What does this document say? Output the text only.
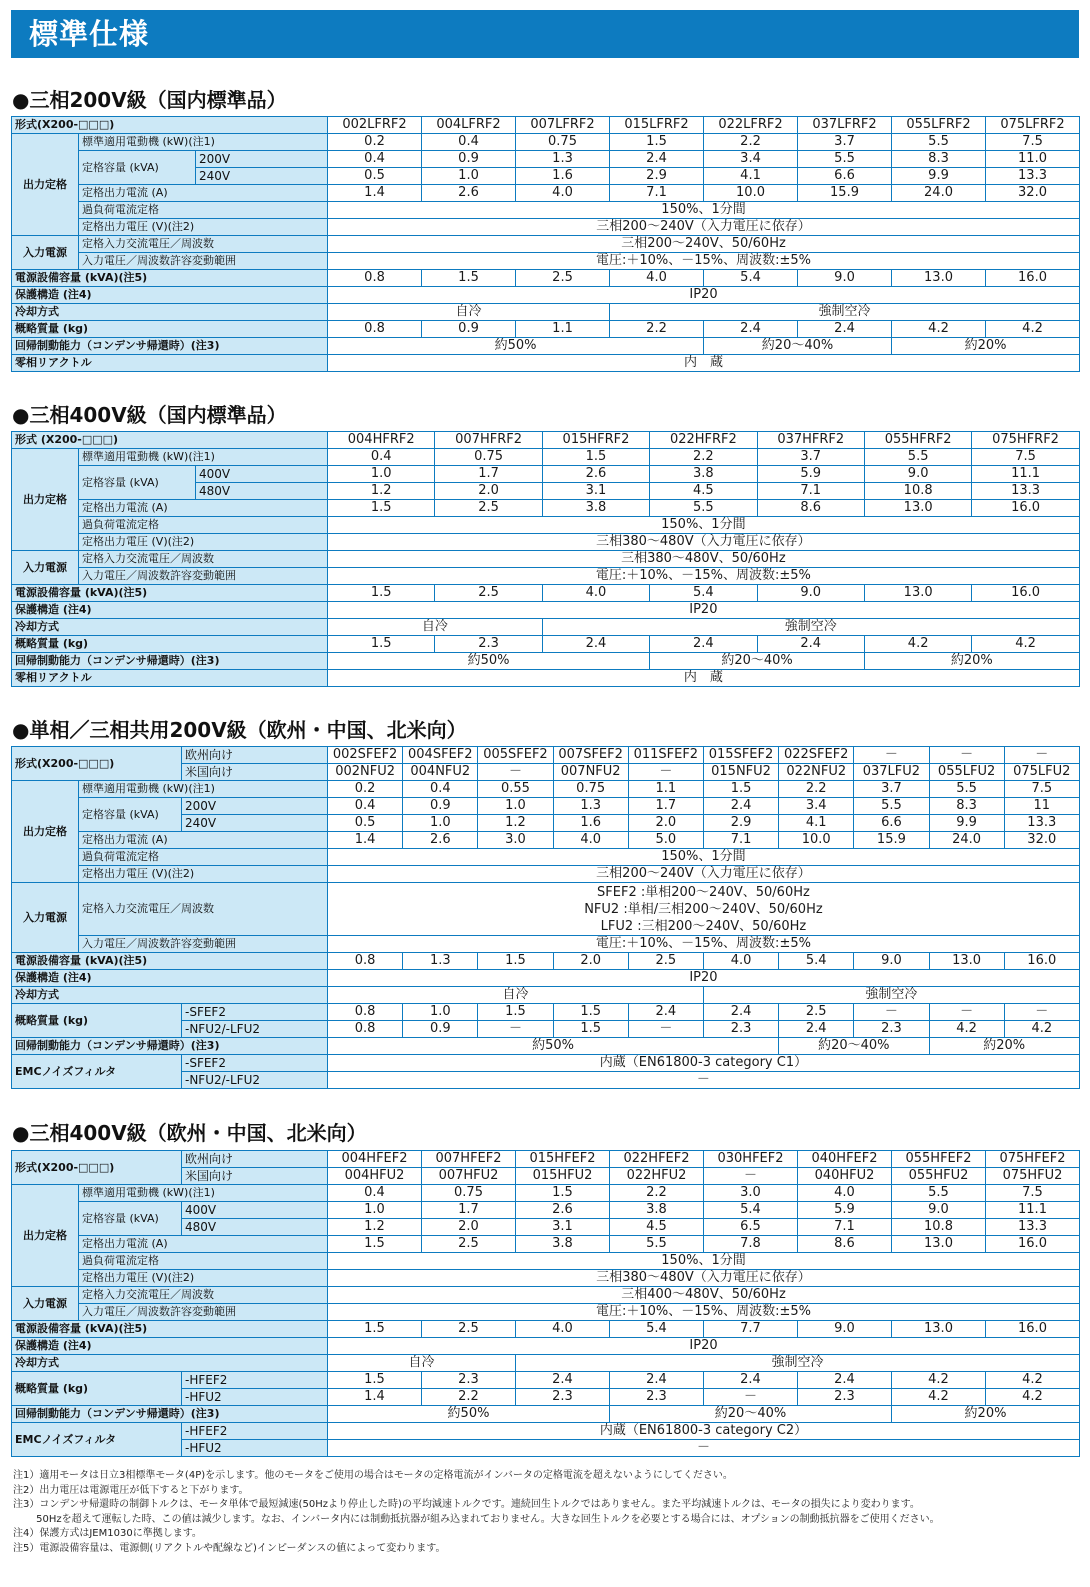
標準仕様
●三相200V級（国内標準品）
形式(X200-□□□)			002LFRF2	004LFRF2	007LFRF2	015LFRF2	022LFRF2	037LFRF2	055LFRF2	075LFRF2
出力定格	標準適用電動機 (kW)(注1)		0.2	0.4	0.75	1.5	2.2	3.7	5.5	7.5
	定格容量 (kVA)	200V	0.4	0.9	1.3	2.4	3.4	5.5	8.3	11.0
		240V	0.5	1.0	1.6	2.9	4.1	6.6	9.9	13.3
	定格出力電流 (A)		1.4	2.6	4.0	7.1	10.0	15.9	24.0	32.0
	過負荷電流定格		150%、1分間							
	定格出力電圧 (V)(注2)		三相200～240V（入力電圧に依存）							
入力電源	定格入力交流電圧／周波数		三相200～240V、50/60Hz							
	入力電圧／周波数許容変動範囲		電圧:＋10%、－15%、周波数:±5%							
電源設備容量 (kVA)(注5)			0.8	1.5	2.5	4.0	5.4	9.0	13.0	16.0
保護構造 (注4)			IP20							
冷却方式			自冷			強制空冷				
概略質量 (kg)			0.8	0.9	1.1	2.2	2.4	2.4	4.2	4.2
回帰制動能力（コンデンサ帰還時）(注3)			約50%				約20～40%		約20%	
零相リアクトル			内　蔵							
●三相400V級（国内標準品）
形式 (X200-□□□)			004HFRF2	007HFRF2	015HFRF2	022HFRF2	037HFRF2	055HFRF2	075HFRF2
出力定格	標準適用電動機 (kW)(注1)		0.4	0.75	1.5	2.2	3.7	5.5	7.5
	定格容量 (kVA)	400V	1.0	1.7	2.6	3.8	5.9	9.0	11.1
		480V	1.2	2.0	3.1	4.5	7.1	10.8	13.3
	定格出力電流 (A)		1.5	2.5	3.8	5.5	8.6	13.0	16.0
	過負荷電流定格		150%、1分間						
	定格出力電圧 (V)(注2)		三相380～480V（入力電圧に依存）						
入力電源	定格入力交流電圧／周波数		三相380～480V、50/60Hz						
	入力電圧／周波数許容変動範囲		電圧:＋10%、－15%、周波数:±5%						
電源設備容量 (kVA)(注5)			1.5	2.5	4.0	5.4	9.0	13.0	16.0
保護構造 (注4)			IP20						
冷却方式			自冷		強制空冷				
概略質量 (kg)			1.5	2.3	2.4	2.4	2.4	4.2	4.2
回帰制動能力（コンデンサ帰還時）(注3)			約50%			約20～40%		約20%	
零相リアクトル			内　蔵						
●単相／三相共用200V級（欧州・中国、北米向）
形式(X200-□□□)		欧州向け	002SFEF2	004SFEF2	005SFEF2	007SFEF2	011SFEF2	015SFEF2	022SFEF2	－	－	－
		米国向け	002NFU2	004NFU2	－	007NFU2	－	015NFU2	022NFU2	037LFU2	055LFU2	075LFU2
出力定格	標準適用電動機 (kW)(注1)		0.2	0.4	0.55	0.75	1.1	1.5	2.2	3.7	5.5	7.5
	定格容量 (kVA)	200V	0.4	0.9	1.0	1.3	1.7	2.4	3.4	5.5	8.3	11
		240V	0.5	1.0	1.2	1.6	2.0	2.9	4.1	6.6	9.9	13.3
	定格出力電流 (A)		1.4	2.6	3.0	4.0	5.0	7.1	10.0	15.9	24.0	32.0
	過負荷電流定格		150%、1分間									
	定格出力電圧 (V)(注2)		三相200～240V（入力電圧に依存）									
入力電源	定格入力交流電圧／周波数		SFEF2 :単相200～240V、50/60Hz
NFU2 :単相/三相200～240V、50/60Hz
LFU2 :三相200～240V、50/60Hz									

	入力電圧／周波数許容変動範囲		電圧:＋10%、－15%、周波数:±5%									
電源設備容量 (kVA)(注5)			0.8	1.3	1.5	2.0	2.5	4.0	5.4	9.0	13.0	16.0
保護構造 (注4)			IP20									
冷却方式			自冷					強制空冷				
概略質量 (kg)		-SFEF2	0.8	1.0	1.5	1.5	2.4	2.4	2.5	－	－	－
		-NFU2/-LFU2	0.8	0.9	－	1.5	－	2.3	2.4	2.3	4.2	4.2
回帰制動能力（コンデンサ帰還時）(注3)			約50%						約20～40%		約20%	
EMCノイズフィルタ		-SFEF2	内蔵（EN61800-3 category C1）									
		-NFU2/-LFU2	－									
●三相400V級（欧州・中国、北米向）
形式(X200-□□□)		欧州向け	004HFEF2	007HFEF2	015HFEF2	022HFEF2	030HFEF2	040HFEF2	055HFEF2	075HFEF2
		米国向け	004HFU2	007HFU2	015HFU2	022HFU2	－	040HFU2	055HFU2	075HFU2
出力定格	標準適用電動機 (kW)(注1)		0.4	0.75	1.5	2.2	3.0	4.0	5.5	7.5
	定格容量 (kVA)	400V	1.0	1.7	2.6	3.8	5.4	5.9	9.0	11.1
		480V	1.2	2.0	3.1	4.5	6.5	7.1	10.8	13.3
	定格出力電流 (A)		1.5	2.5	3.8	5.5	7.8	8.6	13.0	16.0
	過負荷電流定格		150%、1分間							
	定格出力電圧 (V)(注2)		三相380～480V（入力電圧に依存）							
入力電源	定格入力交流電圧／周波数		三相400～480V、50/60Hz							
	入力電圧／周波数許容変動範囲		電圧:＋10%、－15%、周波数:±5%							
電源設備容量 (kVA)(注5)			1.5	2.5	4.0	5.4	7.7	9.0	13.0	16.0
保護構造 (注4)			IP20							
冷却方式			自冷		強制空冷					
概略質量 (kg)		-HFEF2	1.5	2.3	2.4	2.4	2.4	2.4	4.2	4.2
		-HFU2	1.4	2.2	2.3	2.3	－	2.3	4.2	4.2
回帰制動能力（コンデンサ帰還時）(注3)			約50%			約20～40%			約20%	
EMCノイズフィルタ		-HFEF2	内蔵（EN61800-3 category C2）							
		-HFU2	－							
注1）適用モータは日立3相標準モータ(4P)を示します。他のモータをご使用の場合はモータの定格電流がインバータの定格電流を超えないようにしてください。
注2）出力電圧は電源電圧が低下すると下がります。
注3）コンデンサ帰還時の制御トルクは、モータ単体で最短減速(50Hzより停止した時)の平均減速トルクです。連続回生トルクではありません。また平均減速トルクは、モータの損失により変わります。
　　 50Hzを超えて運転した時、この値は減少します。なお、インバータ内には制動抵抗器が組み込まれておりません。大きな回生トルクを必要とする場合には、オプションの制動抵抗器をご使用ください。
注4）保護方式はJEM1030に準拠します。
注5）電源設備容量は、電源側(リアクトルや配線など)インピーダンスの値によって変わります。
